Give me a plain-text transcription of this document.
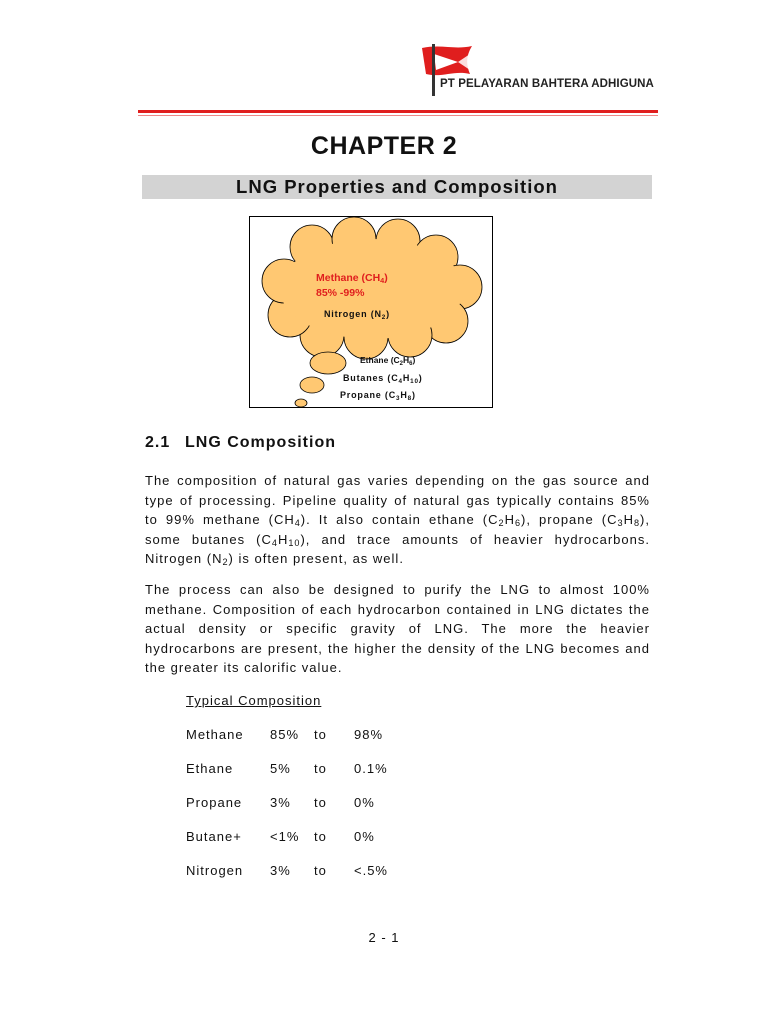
PT PELAYARAN BAHTERA ADHIGUNA
CHAPTER 2
LNG Properties and Composition
Methane $(CH_4)$
85% -99%
Nitrogen $(N_2)$
Ethane $(C_2H_6)$
Butanes $(C_4H_{10})$
Propane $(C_3H_8)$
2.1 LNG Composition
The composition of natural gas varies depending on the gas source and type of processing. Pipeline quality of natural gas typically contains 85% to 99% methane $(CH_4)$. It also contain ethane $(C_2H_6)$, propane $(C_3H_8)$, some butanes $(C_4H_{10})$, and trace amounts of heavier hydrocarbons. Nitrogen $(N_2)$ is often present, as well.
The process can also be designed to purify the LNG to almost 100% methane. Composition of each hydrocarbon contained in LNG dictates the actual density or specific gravity of LNG. The more the heavier hydrocarbons are present, the higher the density of the LNG becomes and the greater its calorific value.
Typical Composition
Methane 85% to 98%
Ethane	5% to 0.1%
Propane 3% to 0%
Butane+ <1% to 0%
Nitrogen 3% to <.5%
2 - 1
